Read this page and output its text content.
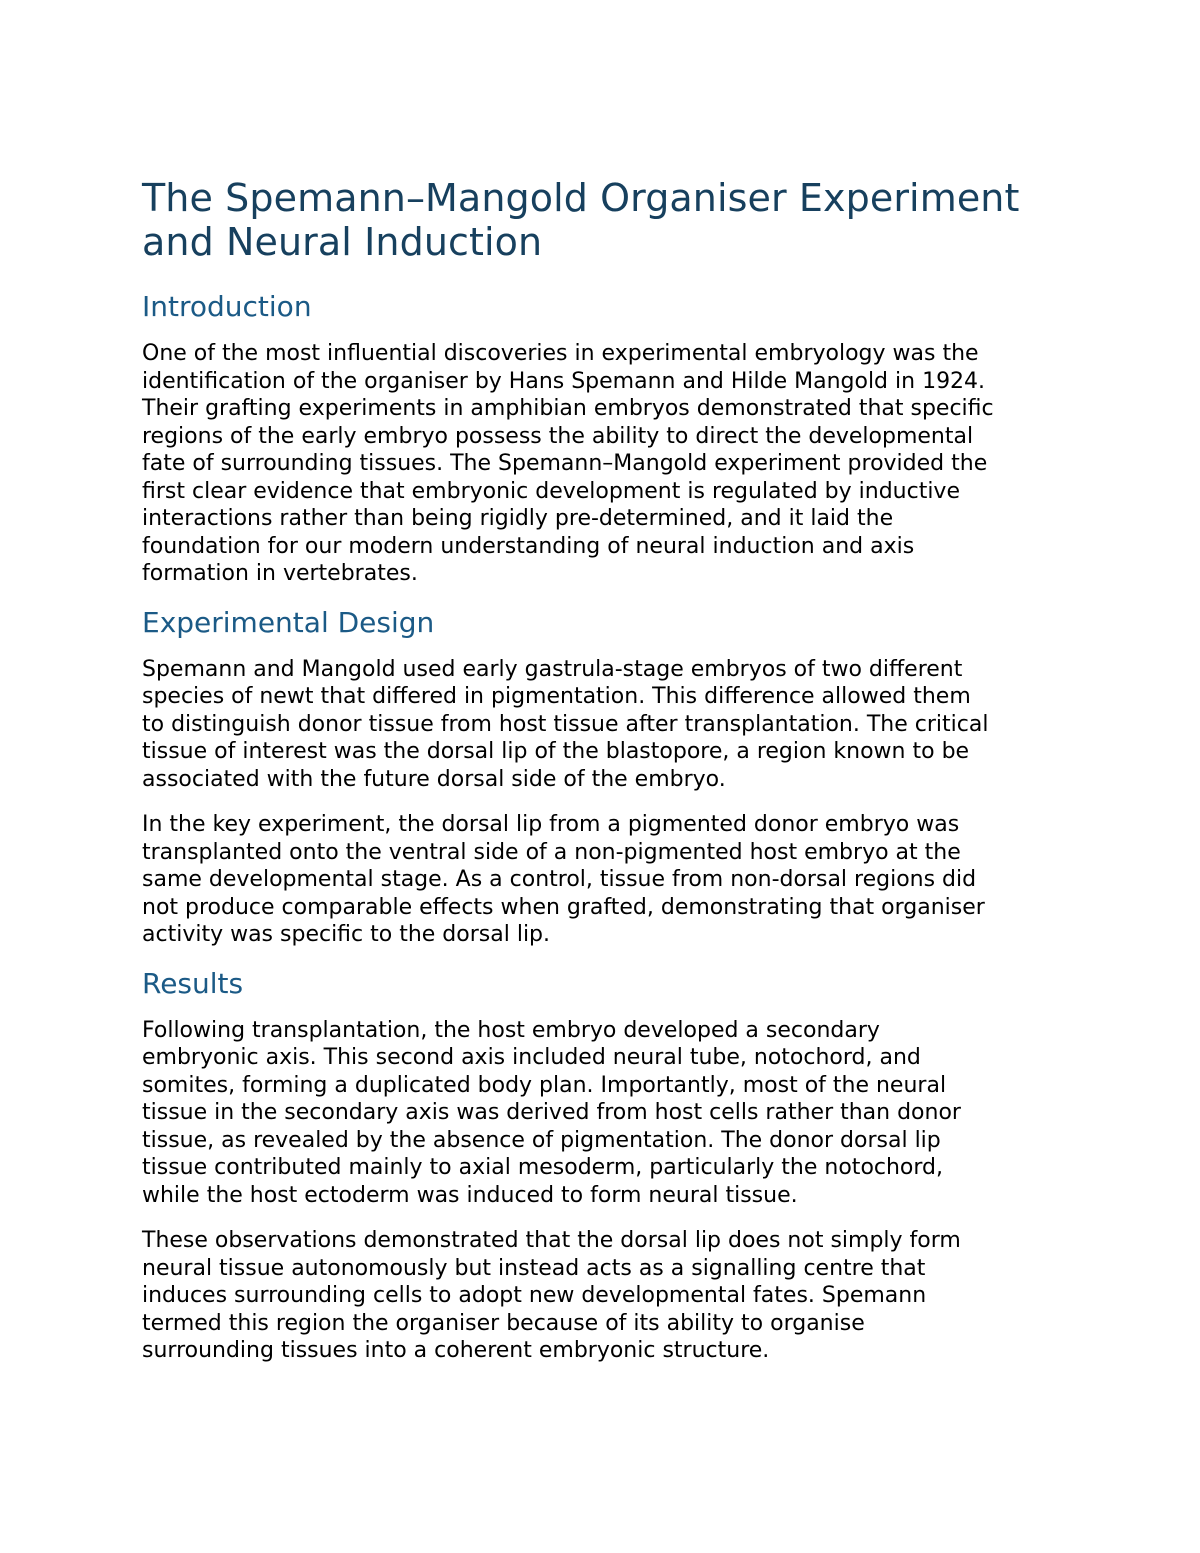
The Spemann–Mangold Organiser Experiment
and Neural Induction
Introduction

One of the most influential discoveries in experimental embryology was the
identification of the organiser by Hans Spemann and Hilde Mangold in 1924.
Their grafting experiments in amphibian embryos demonstrated that specific
regions of the early embryo possess the ability to direct the developmental
fate of surrounding tissues. The Spemann–Mangold experiment provided the
first clear evidence that embryonic development is regulated by inductive
interactions rather than being rigidly pre-determined, and it laid the
foundation for our modern understanding of neural induction and axis
formation in vertebrates.

Experimental Design

Spemann and Mangold used early gastrula-stage embryos of two different
species of newt that differed in pigmentation. This difference allowed them
to distinguish donor tissue from host tissue after transplantation. The critical
tissue of interest was the dorsal lip of the blastopore, a region known to be
associated with the future dorsal side of the embryo.

In the key experiment, the dorsal lip from a pigmented donor embryo was
transplanted onto the ventral side of a non-pigmented host embryo at the
same developmental stage. As a control, tissue from non-dorsal regions did
not produce comparable effects when grafted, demonstrating that organiser
activity was specific to the dorsal lip.

Results

Following transplantation, the host embryo developed a secondary
embryonic axis. This second axis included neural tube, notochord, and
somites, forming a duplicated body plan. Importantly, most of the neural
tissue in the secondary axis was derived from host cells rather than donor
tissue, as revealed by the absence of pigmentation. The donor dorsal lip
tissue contributed mainly to axial mesoderm, particularly the notochord,
while the host ectoderm was induced to form neural tissue.

These observations demonstrated that the dorsal lip does not simply form
neural tissue autonomously but instead acts as a signalling centre that
induces surrounding cells to adopt new developmental fates. Spemann
termed this region the organiser because of its ability to organise
surrounding tissues into a coherent embryonic structure.
